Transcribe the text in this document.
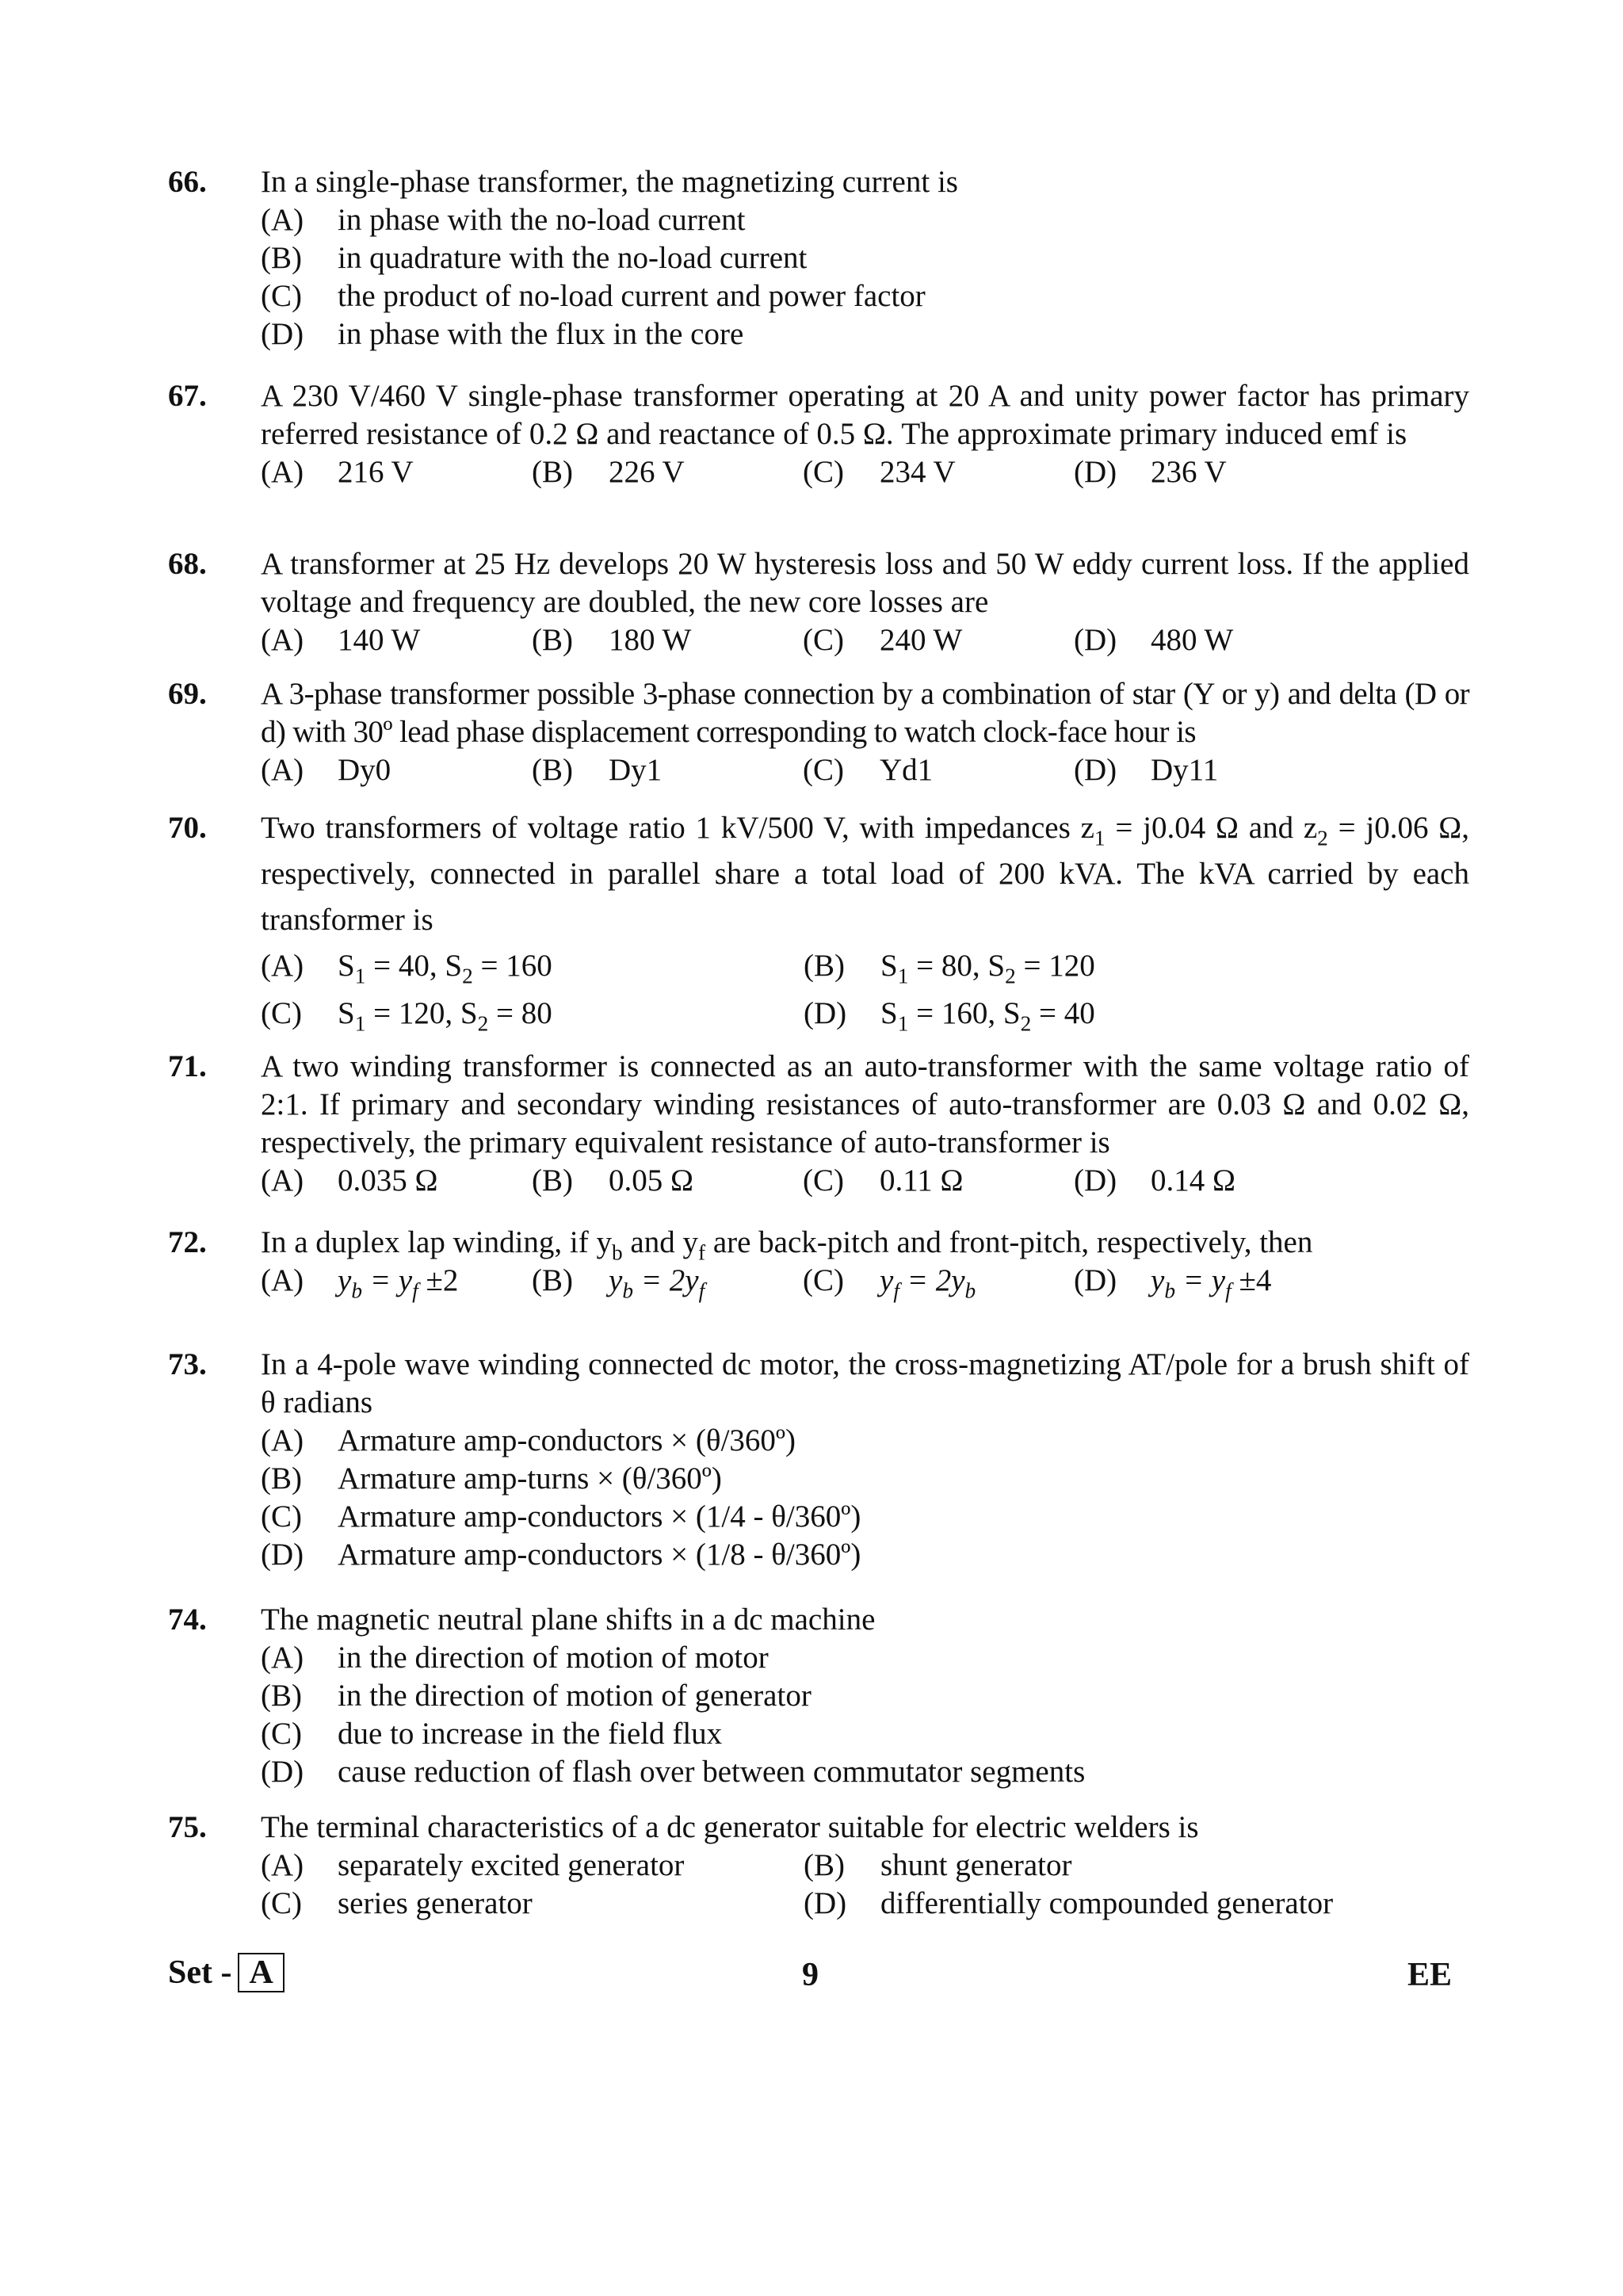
66. In a single-phase transformer, the magnetizing current is
(A)	in phase with the no-load current
(B)	in quadrature with the no-load current
(C)	the product of no-load current and power factor
(D)	in phase with the flux in the core
67. A 230 V/460 V single-phase transformer operating at 20 A and unity power factor has primary referred resistance of 0.2 Ω and reactance of 0.5 Ω. The approximate primary induced emf is
(A) 216 V	(B) 226 V	(C) 234 V	(D) 236 V
68. A transformer at 25 Hz develops 20 W hysteresis loss and 50 W eddy current loss. If the applied voltage and frequency are doubled, the new core losses are
(A) 140 W	(B) 180 W	(C) 240 W	(D) 480 W
69. A 3-phase transformer possible 3-phase connection by a combination of star (Y or y) and delta (D or d) with 30º lead phase displacement corresponding to watch clock-face hour is
(A) Dy0	(B) Dy1	(C) Yd1	(D) Dy11
70. Two transformers of voltage ratio 1 kV/500 V, with impedances $z_1 = j0.04$ Ω and $z_2 = j0.06$ Ω, respectively, connected in parallel share a total load of 200 kVA. The kVA carried by each transformer is
(A) $S_1 = 40$, $S_2 = 160$	(B) $S_1 = 80$, $S_2 = 120$
(C) $S_1 = 120$, $S_2 = 80$	(D) $S_1 = 160$, $S_2 = 40$
71. A two winding transformer is connected as an auto-transformer with the same voltage ratio of 2:1. If primary and secondary winding resistances of auto-transformer are 0.03 Ω and 0.02 Ω, respectively, the primary equivalent resistance of auto-transformer is
(A) 0.035 Ω	(B) 0.05 Ω	(C) 0.11 Ω	(D) 0.14 Ω
72. In a duplex lap winding, if $y_b$ and $y_f$ are back-pitch and front-pitch, respectively, then
(A) $y_b = y_f \pm 2$	(B) $y_b = 2y_f$	(C) $y_f = 2y_b$	(D) $y_b = y_f \pm 4$
73. In a 4-pole wave winding connected dc motor, the cross-magnetizing AT/pole for a brush shift of θ radians
(A)	Armature amp-conductors × (θ/360º)
(B)	Armature amp-turns × (θ/360º)
(C)	Armature amp-conductors × (1/4 - θ/360º)
(D)	Armature amp-conductors × (1/8 - θ/360º)
74. The magnetic neutral plane shifts in a dc machine
(A)	in the direction of motion of motor
(B)	in the direction of motion of generator
(C)	due to increase in the field flux
(D)	cause reduction of flash over between commutator segments
75. The terminal characteristics of a dc generator suitable for electric welders is
(A) separately excited generator	(B) shunt generator
(C) series generator	(D) differentially compounded generator
Set - A	9	EE
